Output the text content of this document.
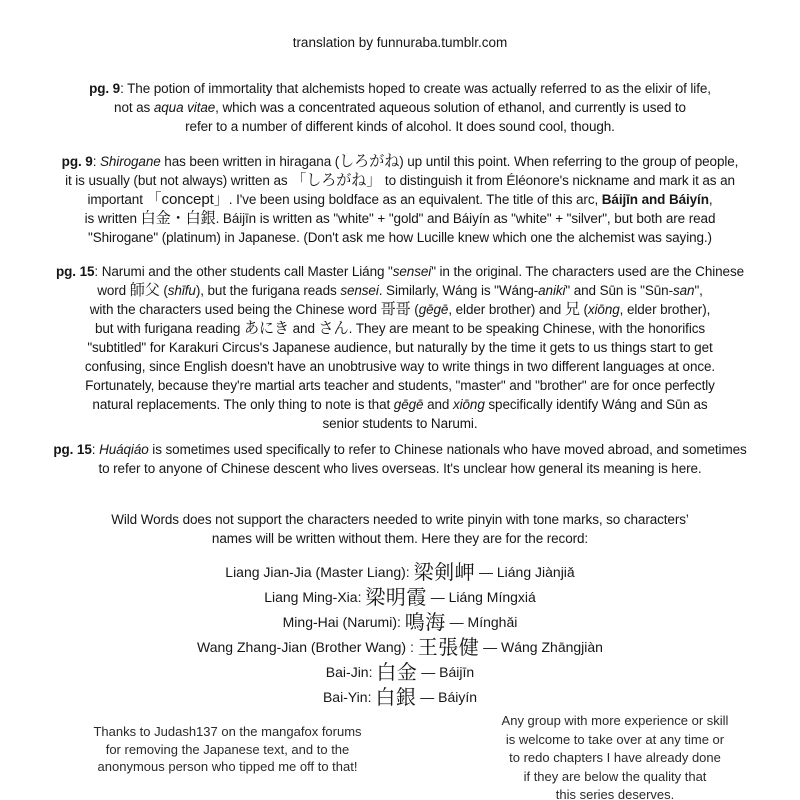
translation by funnuraba.tumblr.com
pg. 9: The potion of immortality that alchemists hoped to create was actually referred to as the elixir of life,
not as aqua vitae, which was a concentrated aqueous solution of ethanol, and currently is used to
refer to a number of different kinds of alcohol. It does sound cool, though.
pg. 9: Shirogane has been written in hiragana (しろがね) up until this point. When referring to the group of people,
it is usually (but not always) written as 「しろがね」 to distinguish it from Éléonore's nickname and mark it as an
important 「concept」. I've been using boldface as an equivalent. The title of this arc, Báijīn and Báiyín,
is written 白金・白銀. Báijīn is written as "white" + "gold" and Báiyín as "white" + "silver", but both are read
"Shirogane" (platinum) in Japanese. (Don't ask me how Lucille knew which one the alchemist was saying.)
pg. 15: Narumi and the other students call Master Liáng "sensei" in the original. The characters used are the Chinese
word 師父 (shīfu), but the furigana reads sensei. Similarly, Wáng is "Wáng-aniki" and Sūn is "Sūn-san",
with the characters used being the Chinese word 哥哥 (gēgē, elder brother) and 兄 (xiōng, elder brother),
but with furigana reading あにき and さん. They are meant to be speaking Chinese, with the honorifics
"subtitled" for Karakuri Circus's Japanese audience, but naturally by the time it gets to us things start to get
confusing, since English doesn't have an unobtrusive way to write things in two different languages at once.
Fortunately, because they're martial arts teacher and students, "master" and "brother" are for once perfectly
natural replacements. The only thing to note is that gēgē and xiōng specifically identify Wáng and Sūn as
senior students to Narumi.
pg. 15: Huáqiáo is sometimes used specifically to refer to Chinese nationals who have moved abroad, and sometimes
to refer to anyone of Chinese descent who lives overseas. It's unclear how general its meaning is here.
Wild Words does not support the characters needed to write pinyin with tone marks, so characters’
names will be written without them. Here they are for the record:
Liang Jian-Jia (Master Liang): 梁剣岬 — Liáng Jiànjiǎ
Liang Ming-Xia: 梁明霞 — Liáng Míngxiá
Ming-Hai (Narumi): 鳴海 — Mínghǎi
Wang Zhang-Jian (Brother Wang) : 王張健 — Wáng Zhāngjiàn
Bai-Jin: 白金 — Báijīn
Bai-Yin: 白銀 — Báiyín
Thanks to Judash137 on the mangafox forums
for removing the Japanese text, and to the
anonymous person who tipped me off to that!
Any group with more experience or skill
is welcome to take over at any time or
to redo chapters I have already done
if they are below the quality that
this series deserves.
